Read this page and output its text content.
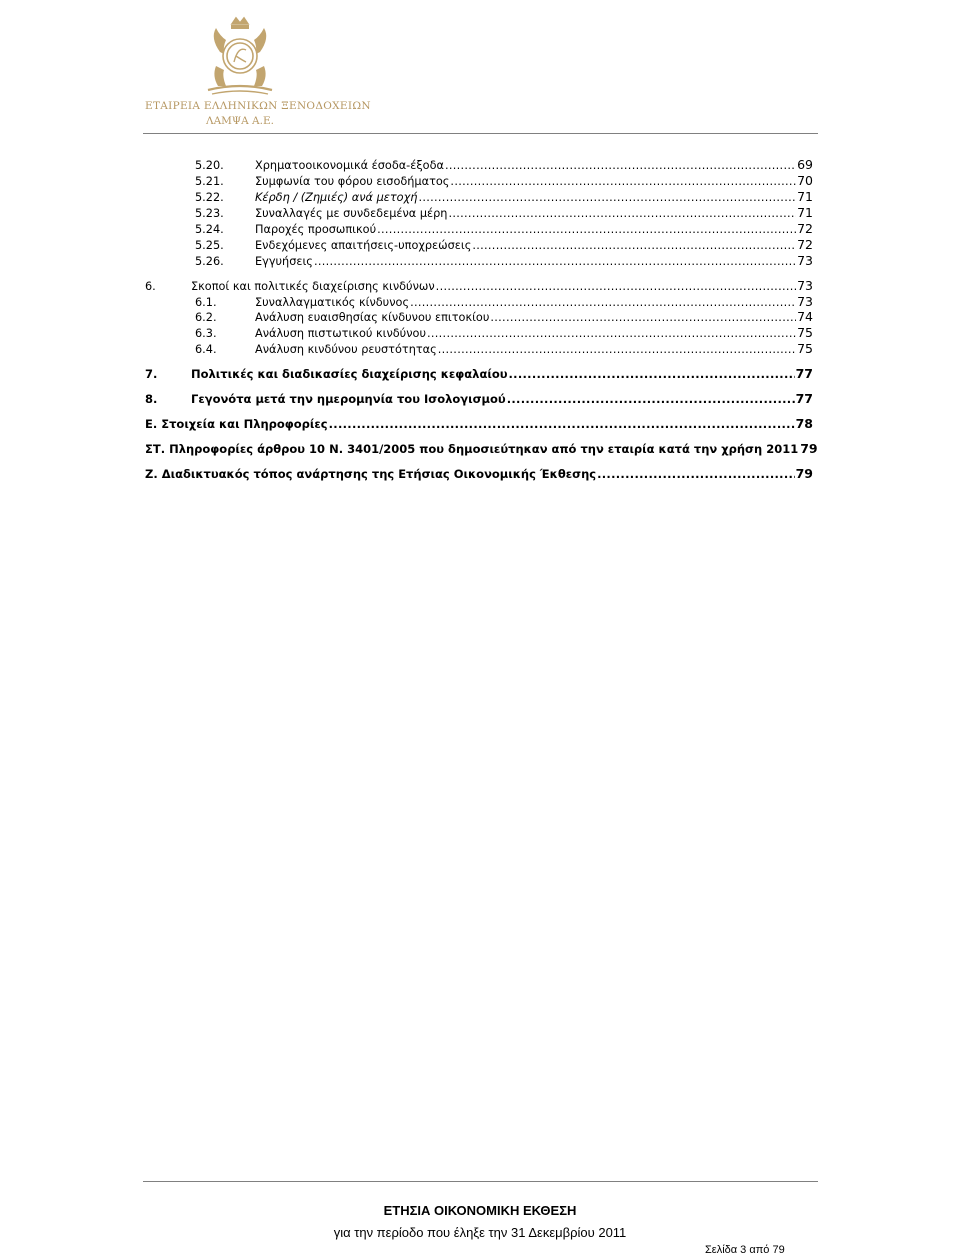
ΕΤΑΙΡΕΙΑ ΕΛΛΗΝΙΚΩΝ ΞΕΝΟΔΟΧΕΙΩΝ
ΛΑΜΨΑ Α.Ε.
5.20.	Χρηματοοικονομικά έσοδα-έξοδα .....	69
5.21.	Συμφωνία του φόρου εισοδήματος .....	70
5.22.	Κέρδη / (Ζημιές) ανά μετοχή .....	71
5.23.	Συναλλαγές με συνδεδεμένα μέρη .....	71
5.24.	Παροχές προσωπικού .....	72
5.25.	Ενδεχόμενες απαιτήσεις-υποχρεώσεις .....	72
5.26.	Εγγυήσεις .....	73
6.	Σκοποί και πολιτικές διαχείρισης κινδύνων .....	73
6.1.	Συναλλαγματικός κίνδυνος .....	73
6.2.	Ανάλυση ευαισθησίας κίνδυνου επιτοκίου .....	74
6.3.	Ανάλυση πιστωτικού κινδύνου .....	75
6.4.	Ανάλυση κινδύνου ρευστότητας .....	75
7.	Πολιτικές και διαδικασίες διαχείρισης κεφαλαίου .....	77
8.	Γεγονότα μετά την ημερομηνία του Ισολογισμού .....	77
Ε. Στοιχεία και Πληροφορίες .....	78
ΣΤ. Πληροφορίες άρθρου 10 Ν. 3401/2005 που δημοσιεύτηκαν από την εταιρία κατά την χρήση 2011 79
Ζ. Διαδικτυακός τόπος ανάρτησης της Ετήσιας Οικονομικής Έκθεσης .....	79
ΕΤΗΣΙΑ ΟΙΚΟΝΟΜΙΚΗ ΕΚΘΕΣΗ
για την περίοδο που έληξε την 31 Δεκεμβρίου 2011
Σελίδα 3 από 79
